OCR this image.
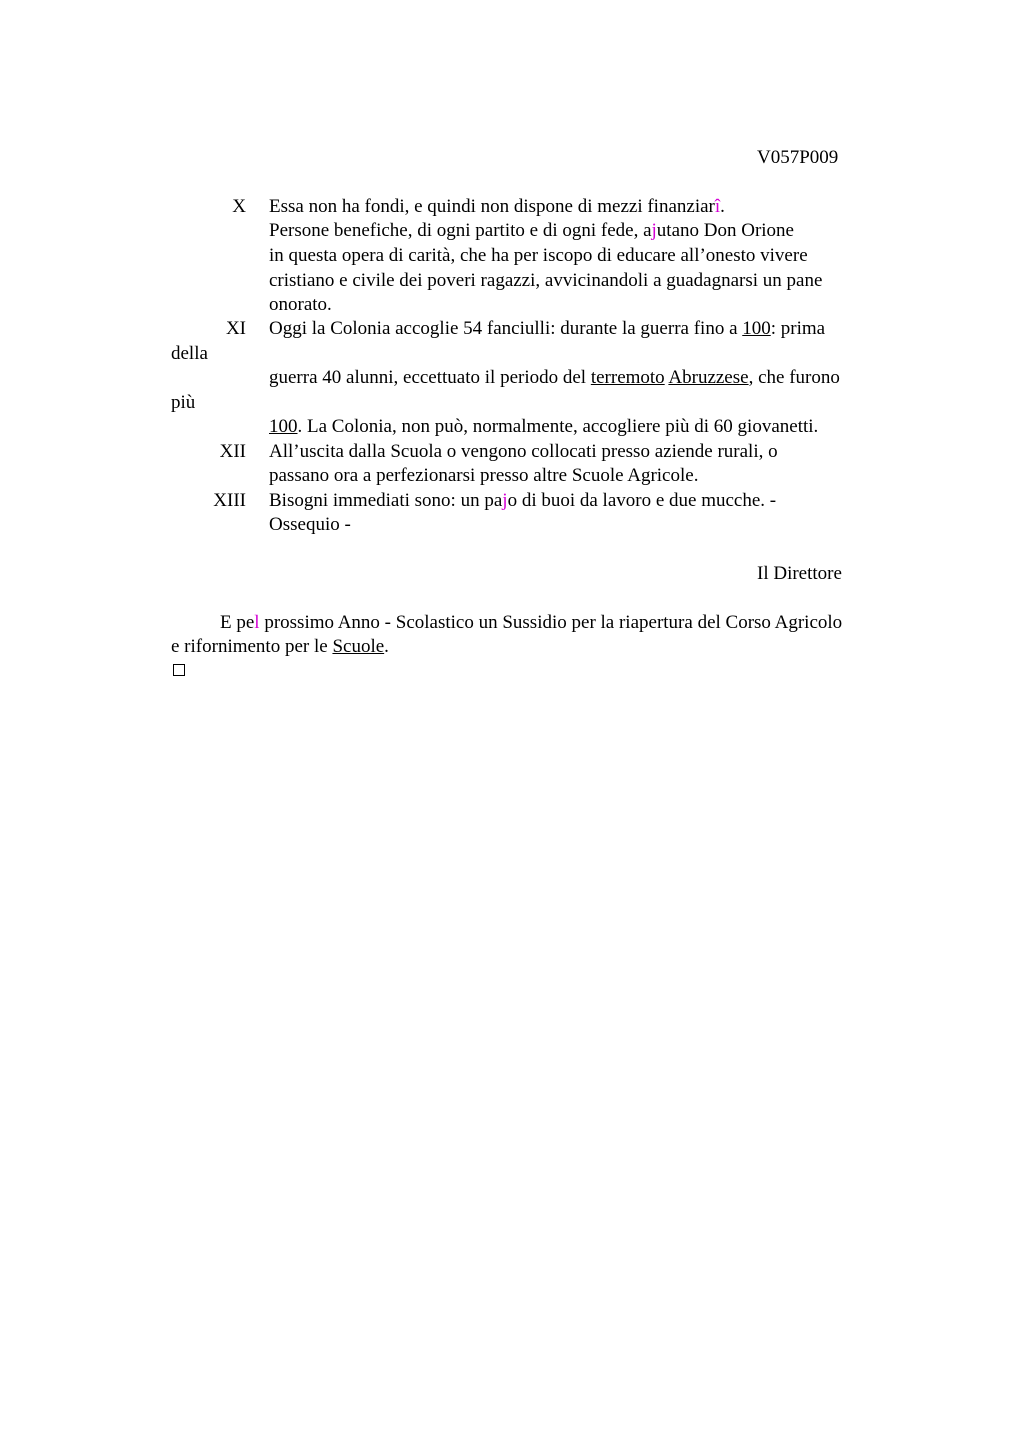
V057P009
X Essa non ha fondi, e quindi non dispone di mezzi finanziarî.
Persone benefiche, di ogni partito e di ogni fede, ajutano Don Orione
in questa opera di carità, che ha per iscopo di educare all’onesto vivere
cristiano e civile dei poveri ragazzi, avvicinandoli a guadagnarsi un pane
onorato.
XI Oggi la Colonia accoglie 54 fanciulli: durante la guerra fino a 100: prima
della
guerra 40 alunni, eccettuato il periodo del terremoto Abruzzese, che furono
più
100. La Colonia, non può, normalmente, accogliere più di 60 giovanetti.
XII All’uscita dalla Scuola o vengono collocati presso aziende rurali, o
passano ora a perfezionarsi presso altre Scuole Agricole.
XIII Bisogni immediati sono: un pajo di buoi da lavoro e due mucche. -
Ossequio -
Il Direttore
E pel prossimo Anno - Scolastico un Sussidio per la riapertura del Corso Agricolo
e rifornimento per le Scuole.
